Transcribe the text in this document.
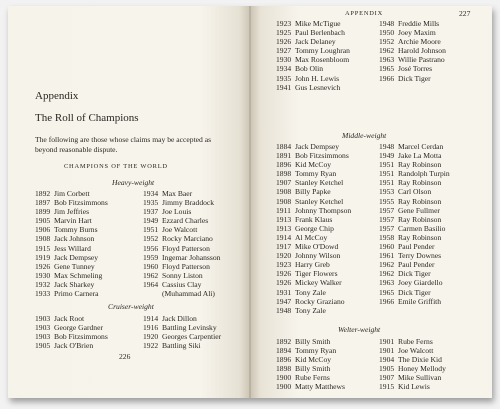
Appendix
The Roll of Champions
The following are those whose claims may be accepted as beyond reasonable dispute.
CHAMPIONS OF THE WORLD
Heavy-weight
1892 Jim Corbett
1897 Bob Fitzsimmons
1899 Jim Jeffries
1905 Marvin Hart
1906 Tommy Burns
1908 Jack Johnson
1915 Jess Willard
1919 Jack Dempsey
1926 Gene Tunney
1930 Max Schmeling
1932 Jack Sharkey
1933 Primo Carnera
1934 Max Baer
1935 Jimmy Braddock
1937 Joe Louis
1949 Ezzard Charles
1951 Joe Walcott
1952 Rocky Marciano
1956 Floyd Patterson
1959 Ingemar Johansson
1960 Floyd Patterson
1962 Sonny Liston
1964 Cassius Clay
(Muhammad Ali)
Cruiser-weight
1903 Jack Root
1903 George Gardner
1903 Bob Fitzsimmons
1905 Jack O'Brien
1914 Jack Dillon
1916 Battling Levinsky
1920 Georges Carpentier
1922 Battling Siki
226
APPENDIX	227
1923 Mike McTigue
1925 Paul Berlenbach
1926 Jack Delaney
1927 Tommy Loughran
1930 Max Rosenbloom
1934 Bob Olin
1935 John H. Lewis
1941 Gus Lesnevich
1948 Freddie Mills
1950 Joey Maxim
1952 Archie Moore
1962 Harold Johnson
1963 Willie Pastrano
1965 José Torres
1966 Dick Tiger
Middle-weight
1884 Jack Dempsey
1891 Bob Fitzsimmons
1896 Kid McCoy
1898 Tommy Ryan
1907 Stanley Ketchel
1908 Billy Papke
1908 Stanley Ketchel
1911 Johnny Thompson
1913 Frank Klaus
1913 George Chip
1914 Al McCoy
1917 Mike O'Dowd
1920 Johnny Wilson
1923 Harry Greb
1926 Tiger Flowers
1926 Mickey Walker
1931 Tony Zale
1947 Rocky Graziano
1948 Tony Zale
1948 Marcel Cerdan
1949 Jake La Motta
1951 Ray Robinson
1951 Randolph Turpin
1951 Ray Robinson
1953 Carl Olson
1955 Ray Robinson
1957 Gene Fullmer
1957 Ray Robinson
1957 Carmen Basilio
1958 Ray Robinson
1960 Paul Pender
1961 Terry Downes
1962 Paul Pender
1962 Dick Tiger
1963 Joey Giardello
1965 Dick Tiger
1966 Emile Griffith
Welter-weight
1892 Billy Smith
1894 Tommy Ryan
1896 Kid McCoy
1898 Billy Smith
1900 Rube Ferns
1900 Matty Matthews
1901 Rube Ferns
1901 Joe Walcott
1904 The Dixie Kid
1905 Honey Mellody
1907 Mike Sullivan
1915 Kid Lewis
